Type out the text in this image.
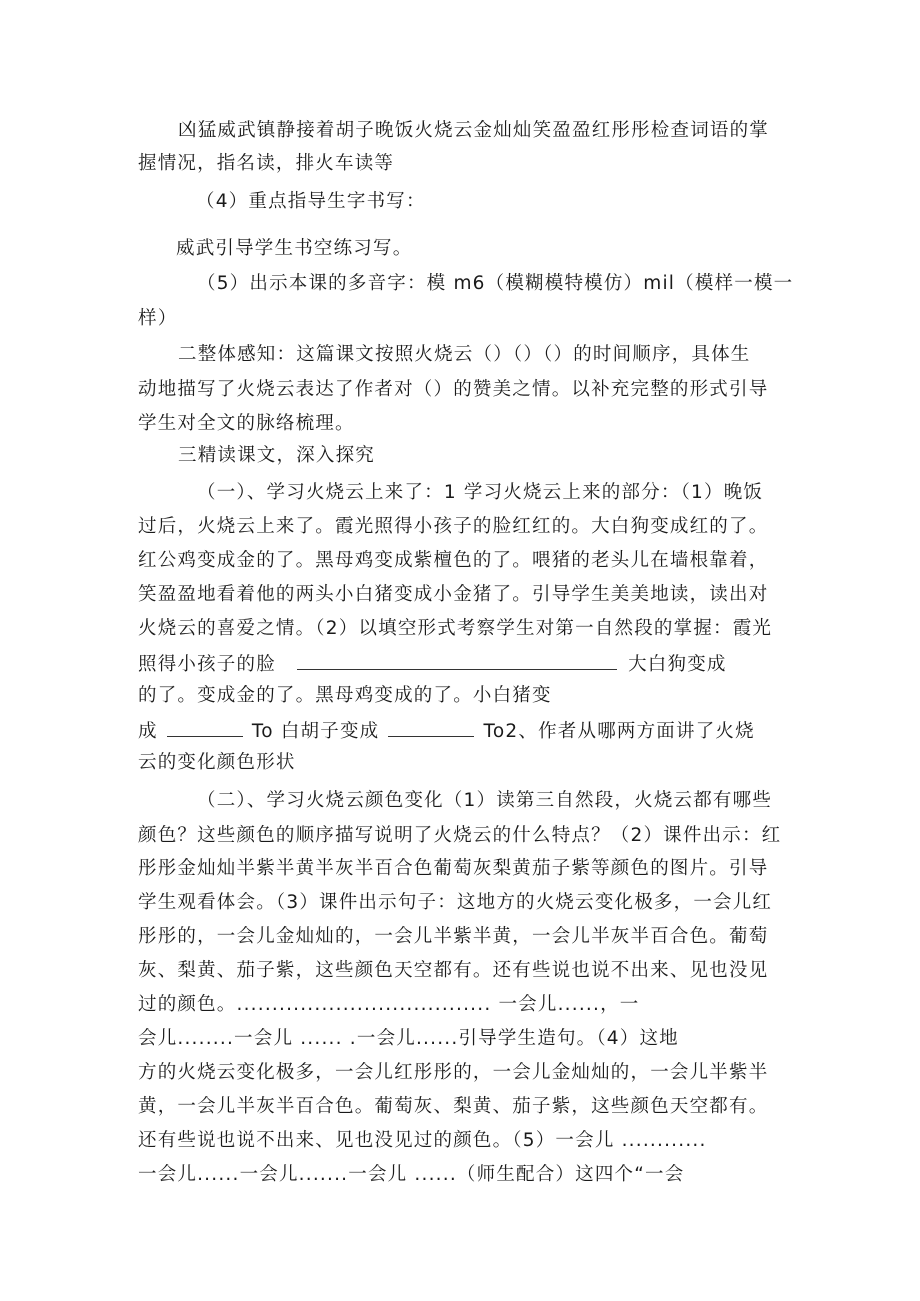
凶猛威武镇静接着胡子晚饭火烧云金灿灿笑盈盈红彤彤检查词语的掌
握情况，指名读，排火车读等
（4）重点指导生字书写：
威武引导学生书空练习写。
（5）出示本课的多音字：模 m6（模糊模特模仿）mil（模样一模一
样）
二整体感知：这篇课文按照火烧云（）（）（）的时间顺序，具体生
动地描写了火烧云表达了作者对（）的赞美之情。以补充完整的形式引导
学生对全文的脉络梳理。
三精读课文，深入探究
（一）、学习火烧云上来了：1 学习火烧云上来的部分：（1）晚饭
过后，火烧云上来了。霞光照得小孩子的脸红红的。大白狗变成红的了。
红公鸡变成金的了。黑母鸡变成紫檀色的了。喂猪的老头儿在墙根靠着，
笑盈盈地看着他的两头小白猪变成小金猪了。引导学生美美地读，读出对
火烧云的喜爱之情。（2）以填空形式考察学生对第一自然段的掌握：霞光
照得小孩子的脸	大白狗变成
的了。变成金的了。黑母鸡变成的了。小白猪变
成	To 白胡子变成	To2、作者从哪两方面讲了火烧
云的变化颜色形状
（二）、学习火烧云颜色变化（1）读第三自然段，火烧云都有哪些
颜色？这些颜色的顺序描写说明了火烧云的什么特点？（2）课件出示：红
彤彤金灿灿半紫半黄半灰半百合色葡萄灰梨黄茄子紫等颜色的图片。引导
学生观看体会。（3）课件出示句子：这地方的火烧云变化极多，一会儿红
彤彤的，一会儿金灿灿的，一会儿半紫半黄，一会儿半灰半百合色。葡萄
灰、梨黄、茄子紫，这些颜色天空都有。还有些说也说不出来、见也没见
过的颜色。.................................... 一会儿......，一
会儿........一会儿 ...... .一会儿......引导学生造句。（4）这地
方的火烧云变化极多，一会儿红彤彤的，一会儿金灿灿的，一会儿半紫半
黄，一会儿半灰半百合色。葡萄灰、梨黄、茄子紫，这些颜色天空都有。
还有些说也说不出来、见也没见过的颜色。（5）一会儿 ............
一会儿......一会儿.......一会儿 ......（师生配合）这四个“一会
